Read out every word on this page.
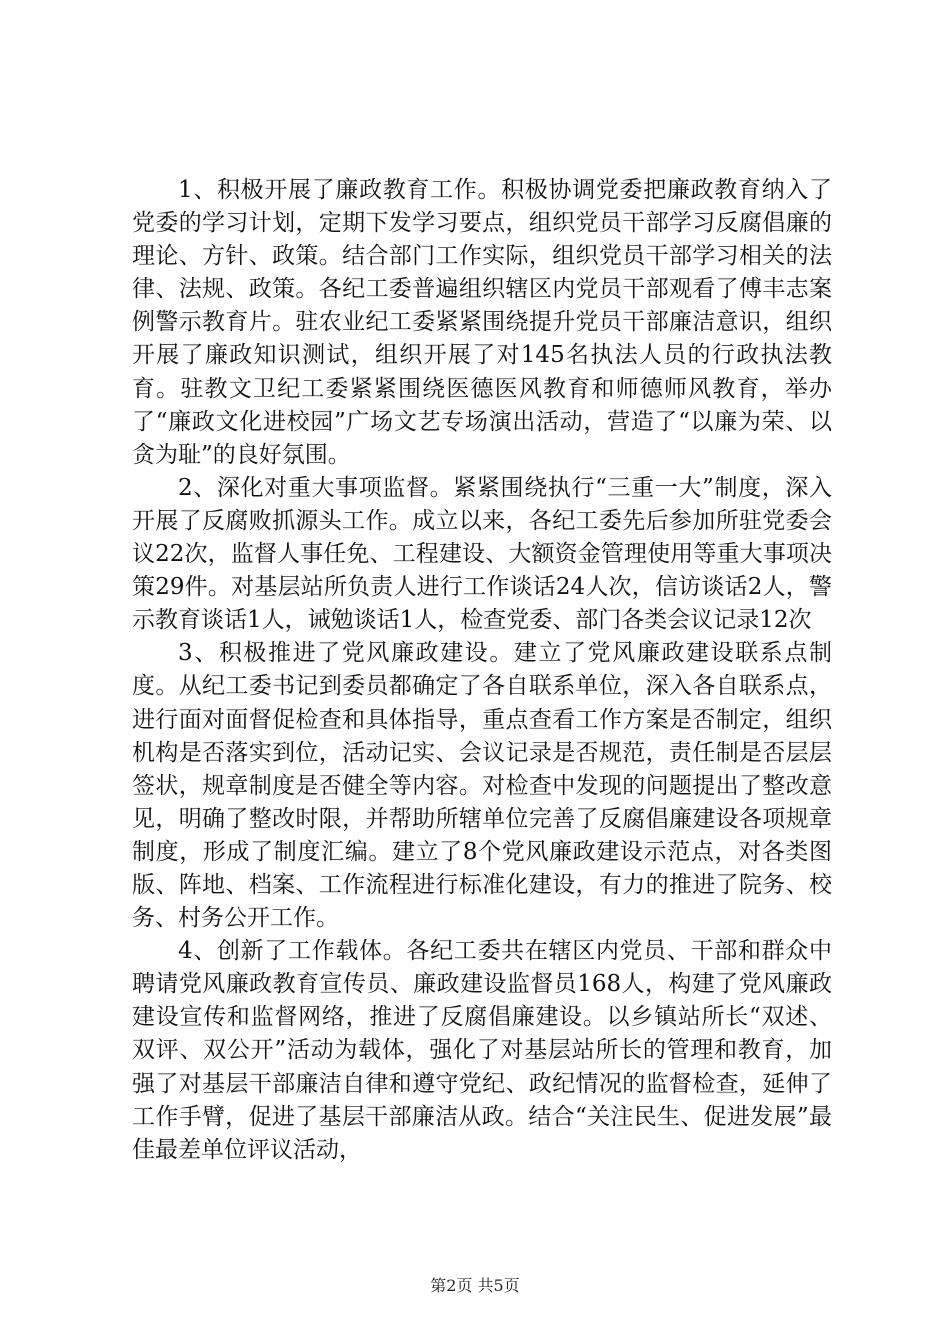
1、积极开展了廉政教育工作。积极协调党委把廉政教育纳入了党委的学习计划，定期下发学习要点，组织党员干部学习反腐倡廉的理论、方针、政策。结合部门工作实际，组织党员干部学习相关的法律、法规、政策。各纪工委普遍组织辖区内党员干部观看了傅丰志案例警示教育片。驻农业纪工委紧紧围绕提升党员干部廉洁意识，组织开展了廉政知识测试，组织开展了对145名执法人员的行政执法教育。驻教文卫纪工委紧紧围绕医德医风教育和师德师风教育，举办了“廉政文化进校园”广场文艺专场演出活动，营造了“以廉为荣、以贪为耻”的良好氛围。

2、深化对重大事项监督。紧紧围绕执行“三重一大”制度，深入开展了反腐败抓源头工作。成立以来，各纪工委先后参加所驻党委会议22次，监督人事任免、工程建设、大额资金管理使用等重大事项决策29件。对基层站所负责人进行工作谈话24人次，信访谈话2人，警示教育谈话1人，诫勉谈话1人，检查党委、部门各类会议记录12次

3、积极推进了党风廉政建设。建立了党风廉政建设联系点制度。从纪工委书记到委员都确定了各自联系单位，深入各自联系点，进行面对面督促检查和具体指导，重点查看工作方案是否制定，组织机构是否落实到位，活动记实、会议记录是否规范，责任制是否层层签状，规章制度是否健全等内容。对检查中发现的问题提出了整改意见，明确了整改时限，并帮助所辖单位完善了反腐倡廉建设各项规章制度，形成了制度汇编。建立了8个党风廉政建设示范点，对各类图版、阵地、档案、工作流程进行标准化建设，有力的推进了院务、校务、村务公开工作。

4、创新了工作载体。各纪工委共在辖区内党员、干部和群众中聘请党风廉政教育宣传员、廉政建设监督员168人，构建了党风廉政建设宣传和监督网络，推进了反腐倡廉建设。以乡镇站所长“双述、双评、双公开”活动为载体，强化了对基层站所长的管理和教育，加强了对基层干部廉洁自律和遵守党纪、政纪情况的监督检查，延伸了工作手臂，促进了基层干部廉洁从政。结合“关注民生、促进发展”最佳最差单位评议活动，

第2页 共5页
